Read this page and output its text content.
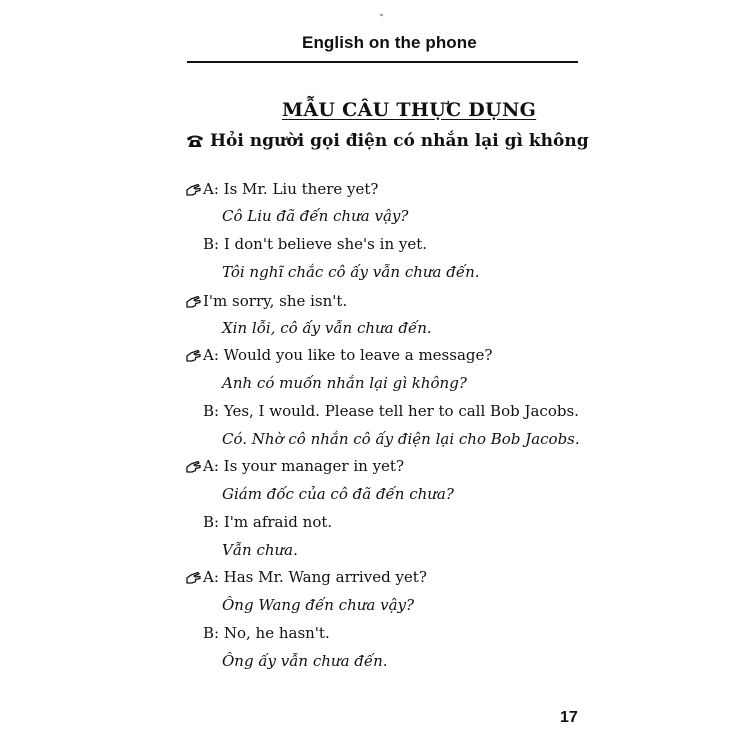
English on the phone
MẪU CÂU THỰC DỤNG
Hỏi người gọi điện có nhắn lại gì không
A: Is Mr. Liu there yet?
Cô Liu đã đến chưa vậy?
B: I don't believe she's in yet.
Tôi nghĩ chắc cô ấy vẫn chưa đến.
I'm sorry, she isn't.
Xin lỗi, cô ấy vẫn chưa đến.
A: Would you like to leave a message?
Anh có muốn nhắn lại gì không?
B: Yes, I would. Please tell her to call Bob Jacobs.
Có. Nhờ cô nhắn cô ấy điện lại cho Bob Jacobs.
A: Is your manager in yet?
Giám đốc của cô đã đến chưa?
B: I'm afraid not.
Vẫn chưa.
A: Has Mr. Wang arrived yet?
Ông Wang đến chưa vậy?
B: No, he hasn't.
Ông ấy vẫn chưa đến.
17
